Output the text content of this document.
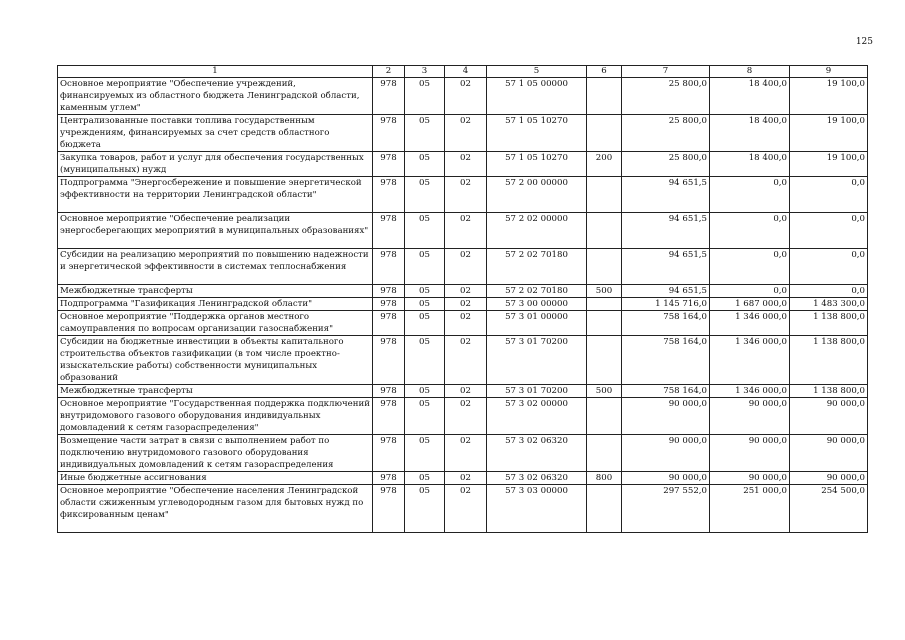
125
1	2	3	4	5	6	7	8	9
Основное мероприятие "Обеспечение учреждений, финансируемых из областного бюджета Ленинградской области, каменным углем"	978	05	02	57 1 05 00000		25 800,0	18 400,0	19 100,0
Централизованные поставки топлива государственным учреждениям, финансируемых за счет средств областного бюджета	978	05	02	57 1 05 10270		25 800,0	18 400,0	19 100,0
Закупка товаров, работ и услуг для обеспечения государственных (муниципальных) нужд	978	05	02	57 1 05 10270	200	25 800,0	18 400,0	19 100,0
Подпрограмма "Энергосбережение и повышение энергетической эффективности на территории Ленинградской области"	978	05	02	57 2 00 00000		94 651,5	0,0	0,0
Основное мероприятие "Обеспечение реализации энергосберегающих мероприятий в муниципальных образованиях"	978	05	02	57 2 02 00000		94 651,5	0,0	0,0
Субсидии на реализацию мероприятий по повышению надежности и энергетической эффективности в системах теплоснабжения	978	05	02	57 2 02 70180		94 651,5	0,0	0,0
Межбюджетные трансферты	978	05	02	57 2 02 70180	500	94 651,5	0,0	0,0
Подпрограмма "Газификация Ленинградской области"	978	05	02	57 3 00 00000		1 145 716,0	1 687 000,0	1 483 300,0
Основное мероприятие "Поддержка органов местного самоуправления по вопросам организации газоснабжения"	978	05	02	57 3 01 00000		758 164,0	1 346 000,0	1 138 800,0
Субсидии на бюджетные инвестиции в объекты капитального строительства объектов газификации (в том числе проектно-изыскательские работы) собственности муниципальных образований	978	05	02	57 3 01 70200		758 164,0	1 346 000,0	1 138 800,0
Межбюджетные трансферты	978	05	02	57 3 01 70200	500	758 164,0	1 346 000,0	1 138 800,0
Основное мероприятие "Государственная поддержка подключений внутридомового газового оборудования индивидуальных домовладений к сетям газораспределения"	978	05	02	57 3 02 00000		90 000,0	90 000,0	90 000,0
Возмещение части затрат в связи с выполнением работ по подключению внутридомового газового оборудования индивидуальных домовладений к сетям газораспределения	978	05	02	57 3 02 06320		90 000,0	90 000,0	90 000,0
Иные бюджетные ассигнования	978	05	02	57 3 02 06320	800	90 000,0	90 000,0	90 000,0
Основное мероприятие "Обеспечение населения Ленинградской области сжиженным углеводородным газом для бытовых нужд по фиксированным ценам"	978	05	02	57 3 03 00000		297 552,0	251 000,0	254 500,0
